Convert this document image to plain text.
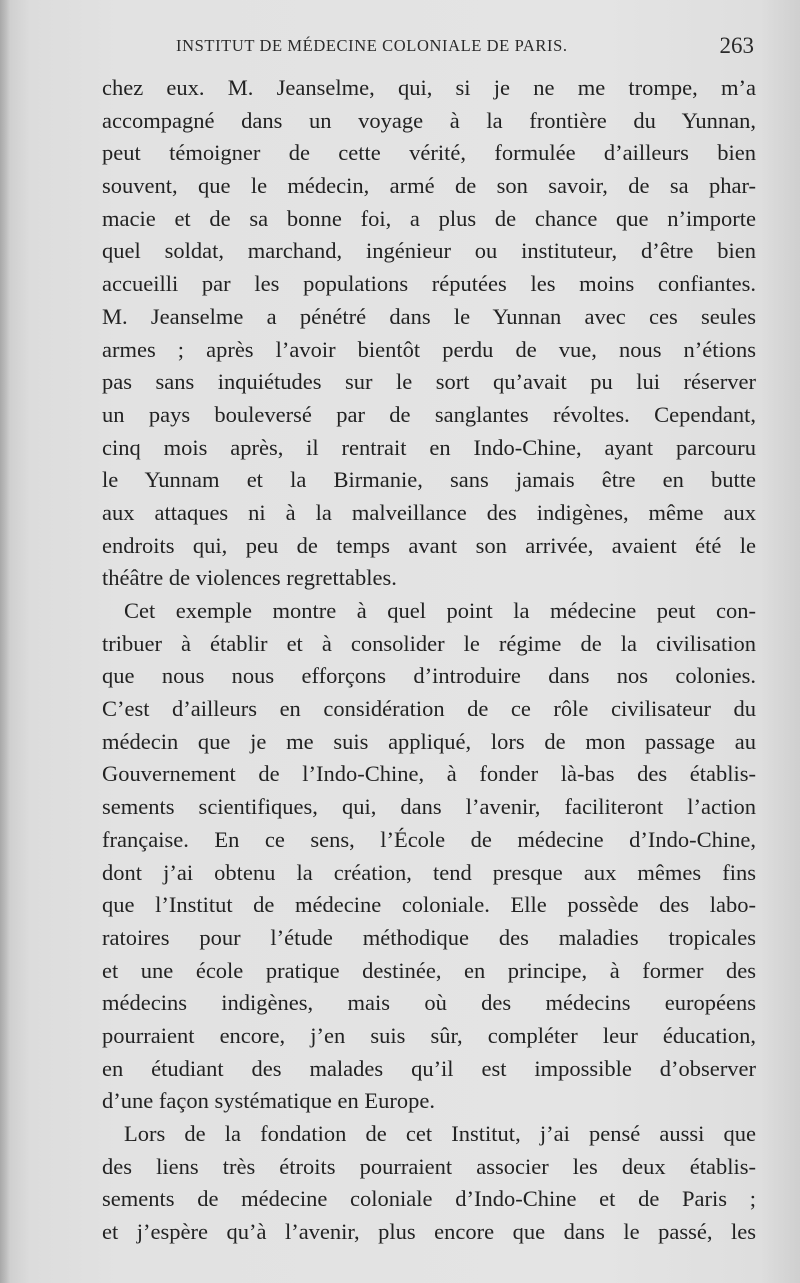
INSTITUT DE MÉDECINE COLONIALE DE PARIS.	263
chez eux. M. Jeanselme, qui, si je ne me trompe, m’a
accompagné dans un voyage à la frontière du Yunnan,
peut témoigner de cette vérité, formulée d’ailleurs bien
souvent, que le médecin, armé de son savoir, de sa phar-
macie et de sa bonne foi, a plus de chance que n’importe
quel soldat, marchand, ingénieur ou instituteur, d’être bien
accueilli par les populations réputées les moins confiantes.
M. Jeanselme a pénétré dans le Yunnan avec ces seules
armes ; après l’avoir bientôt perdu de vue, nous n’étions
pas sans inquiétudes sur le sort qu’avait pu lui réserver
un pays bouleversé par de sanglantes révoltes. Cependant,
cinq mois après, il rentrait en Indo-Chine, ayant parcouru
le Yunnam et la Birmanie, sans jamais être en butte
aux attaques ni à la malveillance des indigènes, même aux
endroits qui, peu de temps avant son arrivée, avaient été le
théâtre de violences regrettables.
Cet exemple montre à quel point la médecine peut con-
tribuer à établir et à consolider le régime de la civilisation
que nous nous efforçons d’introduire dans nos colonies.
C’est d’ailleurs en considération de ce rôle civilisateur du
médecin que je me suis appliqué, lors de mon passage au
Gouvernement de l’Indo-Chine, à fonder là-bas des établis-
sements scientifiques, qui, dans l’avenir, faciliteront l’action
française. En ce sens, l’École de médecine d’Indo-Chine,
dont j’ai obtenu la création, tend presque aux mêmes fins
que l’Institut de médecine coloniale. Elle possède des labo-
ratoires pour l’étude méthodique des maladies tropicales
et une école pratique destinée, en principe, à former des
médecins indigènes, mais où des médecins européens
pourraient encore, j’en suis sûr, compléter leur éducation,
en étudiant des malades qu’il est impossible d’observer
d’une façon systématique en Europe.
Lors de la fondation de cet Institut, j’ai pensé aussi que
des liens très étroits pourraient associer les deux établis-
sements de médecine coloniale d’Indo-Chine et de Paris ;
et j’espère qu’à l’avenir, plus encore que dans le passé, les
